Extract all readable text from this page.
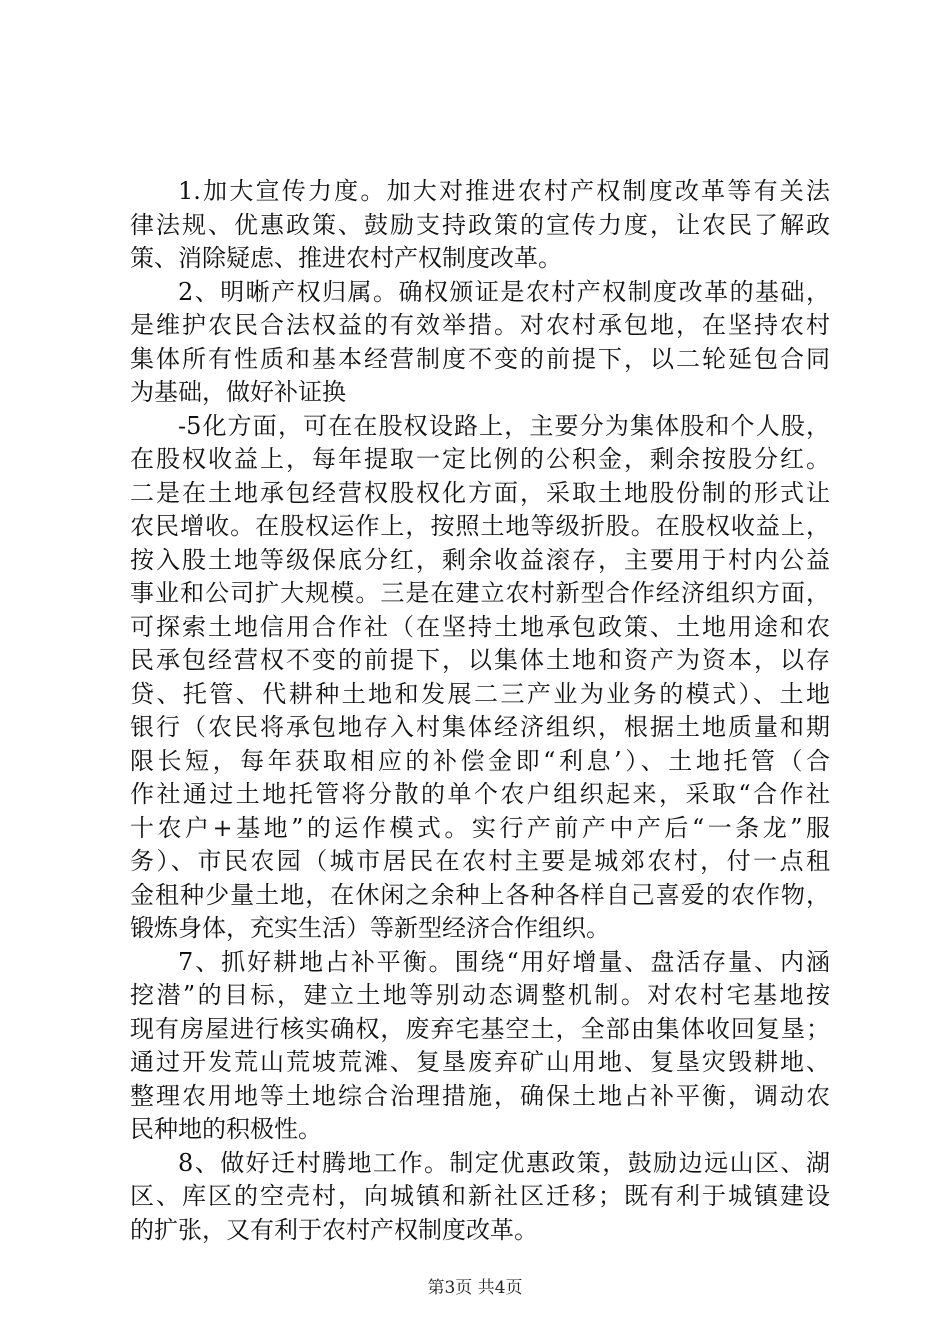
1.加大宣传力度。加大对推进农村产权制度改革等有关法
律法规、优惠政策、鼓励支持政策的宣传力度，让农民了解政
策、消除疑虑、推进农村产权制度改革。
2、明晰产权归属。确权颁证是农村产权制度改革的基础，
是维护农民合法权益的有效举措。对农村承包地，在坚持农村
集体所有性质和基本经营制度不变的前提下，以二轮延包合同
为基础，做好补证换
-5化方面，可在在股权设路上，主要分为集体股和个人股，
在股权收益上，每年提取一定比例的公积金，剩余按股分红。
二是在土地承包经营权股权化方面，采取土地股份制的形式让
农民增收。在股权运作上，按照土地等级折股。在股权收益上，
按入股土地等级保底分红，剩余收益滚存，主要用于村内公益
事业和公司扩大规模。三是在建立农村新型合作经济组织方面，
可探索土地信用合作社（在坚持土地承包政策、土地用途和农
民承包经营权不变的前提下，以集体土地和资产为资本，以存
贷、托管、代耕种土地和发展二三产业为业务的模式）、土地
银行（农民将承包地存入村集体经济组织，根据土地质量和期
限长短，每年获取相应的补偿金即“利息’）、土地托管（合
作社通过土地托管将分散的单个农户组织起来，采取“合作社
十农户+基地”的运作模式。实行产前产中产后“一条龙”服
务）、市民农园（城市居民在农村主要是城郊农村，付一点租
金租种少量土地，在休闲之余种上各种各样自己喜爱的农作物，
锻炼身体，充实生活）等新型经济合作组织。
7、抓好耕地占补平衡。围绕“用好增量、盘活存量、内涵
挖潜”的目标，建立土地等别动态调整机制。对农村宅基地按
现有房屋进行核实确权，废弃宅基空土，全部由集体收回复垦；
通过开发荒山荒坡荒滩、复垦废弃矿山用地、复垦灾毁耕地、
整理农用地等土地综合治理措施，确保土地占补平衡，调动农
民种地的积极性。
8、做好迁村腾地工作。制定优惠政策，鼓励边远山区、湖
区、库区的空壳村，向城镇和新社区迁移；既有利于城镇建设
的扩张，又有利于农村产权制度改革。
第3页 共4页
